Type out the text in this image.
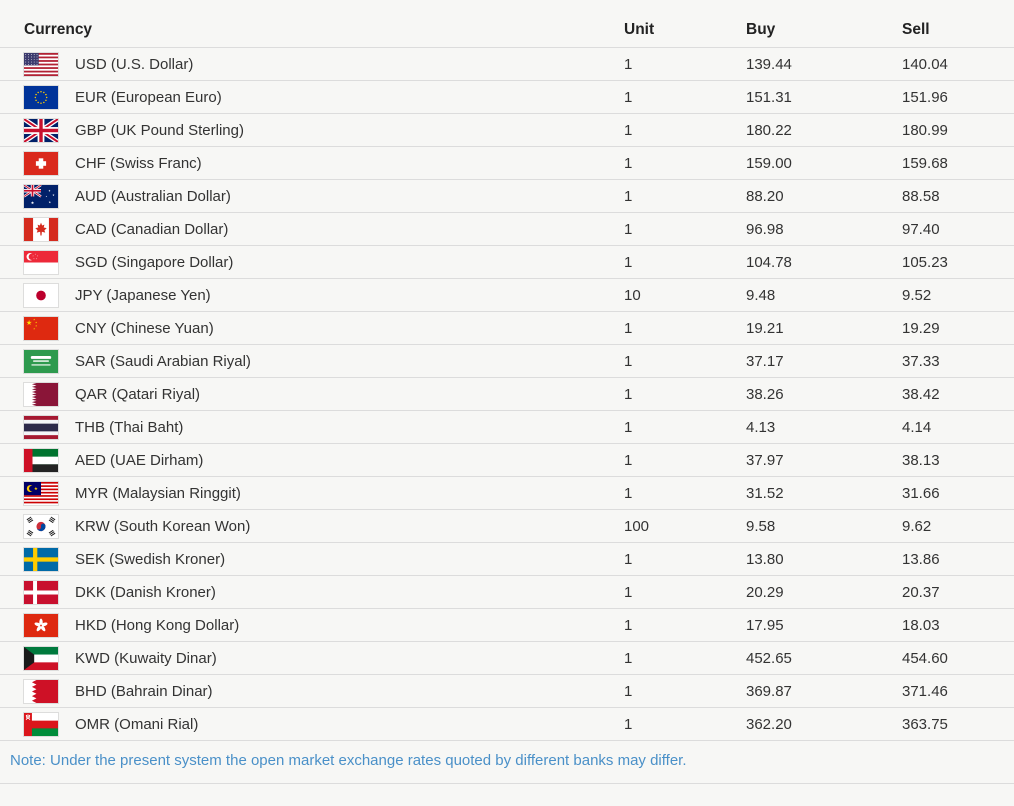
Currency	Unit	Buy	Sell
USD (U.S. Dollar)	1	139.44	140.04
EUR (European Euro)	1	151.31	151.96
GBP (UK Pound Sterling)	1	180.22	180.99
CHF (Swiss Franc)	1	159.00	159.68
AUD (Australian Dollar)	1	88.20	88.58
CAD (Canadian Dollar)	1	96.98	97.40
SGD (Singapore Dollar)	1	104.78	105.23
JPY (Japanese Yen)	10	9.48	9.52
CNY (Chinese Yuan)	1	19.21	19.29
SAR (Saudi Arabian Riyal)	1	37.17	37.33
QAR (Qatari Riyal)	1	38.26	38.42
THB (Thai Baht)	1	4.13	4.14
AED (UAE Dirham)	1	37.97	38.13
MYR (Malaysian Ringgit)	1	31.52	31.66
KRW (South Korean Won)	100	9.58	9.62
SEK (Swedish Kroner)	1	13.80	13.86
DKK (Danish Kroner)	1	20.29	20.37
HKD (Hong Kong Dollar)	1	17.95	18.03
KWD (Kuwaity Dinar)	1	452.65	454.60
BHD (Bahrain Dinar)	1	369.87	371.46
OMR (Omani Rial)	1	362.20	363.75
Note: Under the present system the open market exchange rates quoted by different banks may differ.
